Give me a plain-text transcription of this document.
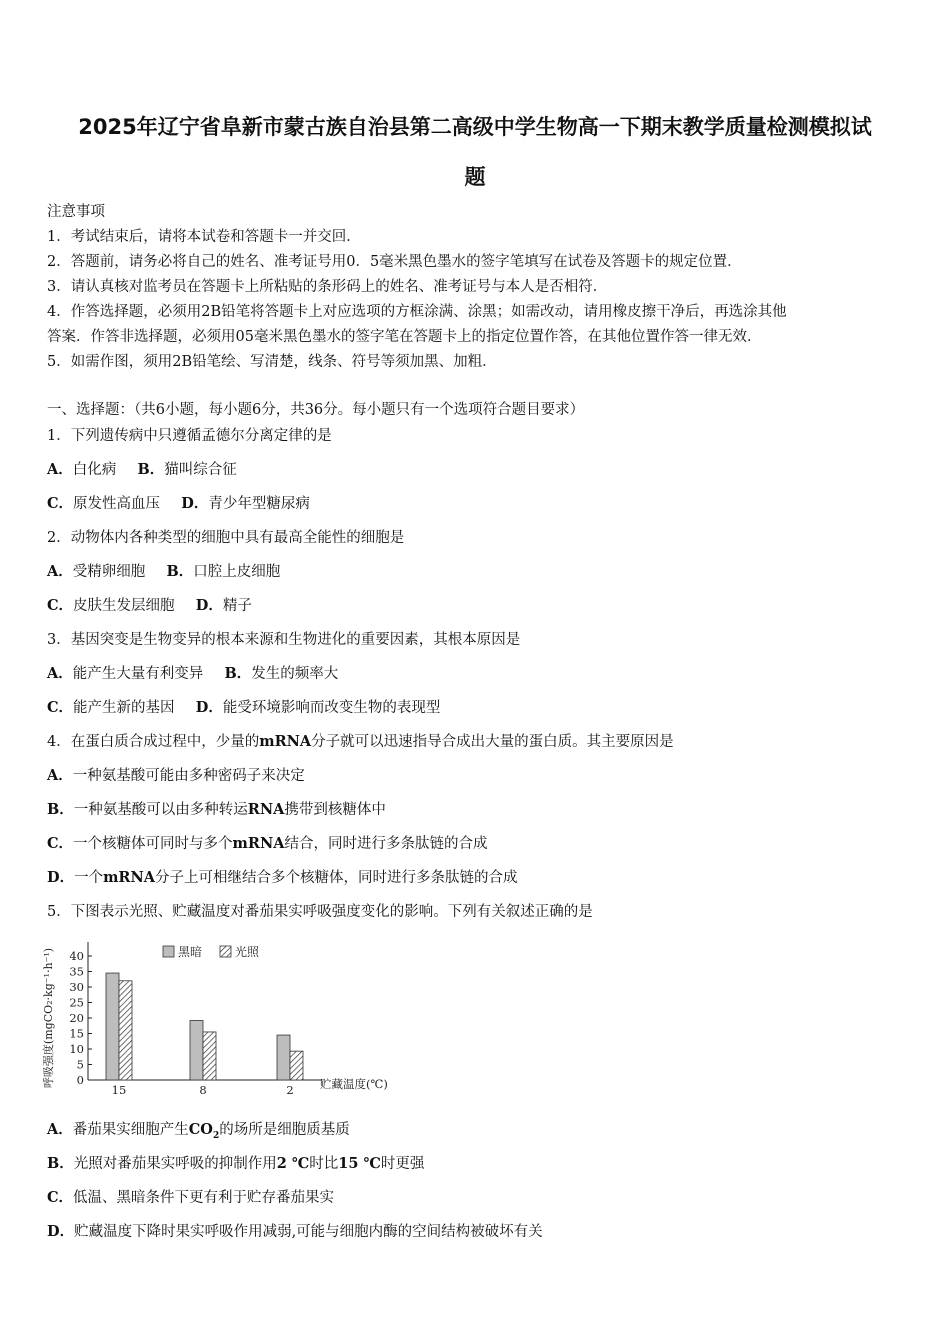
2025年辽宁省阜新市蒙古族自治县第二高级中学生物高一下期末教学质量检测模拟试
题
注意事项
1．考试结束后，请将本试卷和答题卡一并交回．
2．答题前，请务必将自己的姓名、准考证号用0．5毫米黑色墨水的签字笔填写在试卷及答题卡的规定位置．
3．请认真核对监考员在答题卡上所粘贴的条形码上的姓名、准考证号与本人是否相符．
4．作答选择题，必须用2B铅笔将答题卡上对应选项的方框涂满、涂黑；如需改动，请用橡皮擦干净后，再选涂其他
答案．作答非选择题，必须用05毫米黑色墨水的签字笔在答题卡上的指定位置作答，在其他位置作答一律无效．
5．如需作图，须用2B铅笔绘、写清楚，线条、符号等须加黑、加粗．
一、选择题：（共6小题，每小题6分，共36分。每小题只有一个选项符合题目要求）
1．下列遗传病中只遵循孟德尔分离定律的是
A．白化病 B．猫叫综合征
C．原发性高血压 D．青少年型糖尿病
2．动物体内各种类型的细胞中具有最高全能性的细胞是
A．受精卵细胞 B．口腔上皮细胞
C．皮肤生发层细胞 D．精子
3．基因突变是生物变异的根本来源和生物进化的重要因素，其根本原因是
A．能产生大量有利变异 B．发生的频率大
C．能产生新的基因 D．能受环境影响而改变生物的表现型
4．在蛋白质合成过程中，少量的mRNA分子就可以迅速指导合成出大量的蛋白质。其主要原因是
A．一种氨基酸可能由多种密码子来决定
B．一种氨基酸可以由多种转运RNA携带到核糖体中
C．一个核糖体可同时与多个mRNA结合，同时进行多条肽链的合成
D．一个mRNA分子上可相继结合多个核糖体，同时进行多条肽链的合成
5．下图表示光照、贮藏温度对番茄果实呼吸强度变化的影响。下列有关叙述正确的是
呼吸强度(mgCO₂·kg⁻¹·h⁻¹) 0
5
10
15
20
25
30
35
40
15	8	2 贮藏温度(℃)
黑暗	光照
A．番茄果实细胞产生$CO_2$的场所是细胞质基质
B．光照对番茄果实呼吸的抑制作用2 ℃时比15 ℃时更强
C．低温、黑暗条件下更有利于贮存番茄果实
D．贮藏温度下降时果实呼吸作用减弱,可能与细胞内酶的空间结构被破坏有关
